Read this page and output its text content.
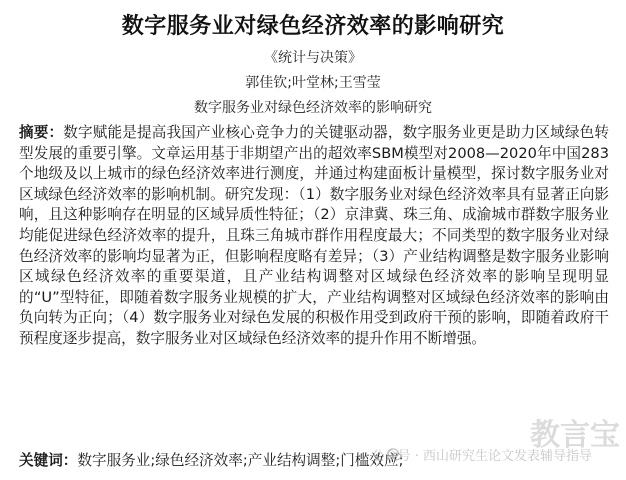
数字服务业对绿色经济效率的影响研究
《统计与决策》
郭佳钦;叶堂林;王雪莹
数字服务业对绿色经济效率的影响研究
摘要：数字赋能是提高我国产业核心竞争力的关键驱动器，数字服务业更是助力区域绿色转型发展的重要引擎。文章运用基于非期望产出的超效率SBM模型对2008—2020年中国283个地级及以上城市的绿色经济效率进行测度，并通过构建面板计量模型，探讨数字服务业对区域绿色经济效率的影响机制。研究发现：（1）数字服务业对绿色经济效率具有显著正向影响，且这种影响存在明显的区域异质性特征；（2）京津冀、珠三角、成渝城市群数字服务业均能促进绿色经济效率的提升，且珠三角城市群作用程度最大；不同类型的数字服务业对绿色经济效率的影响均显著为正，但影响程度略有差异；（3）产业结构调整是数字服务业影响区域绿色经济效率的重要渠道，且产业结构调整对区域绿色经济效率的影响呈现明显的“U”型特征，即随着数字服务业规模的扩大，产业结构调整对区域绿色经济效率的影响由负向转为正向；（4）数字服务业对绿色发展的积极作用受到政府干预的影响，即随着政府干预程度逐步提高，数字服务业对区域绿色经济效率的提升作用不断增强。
关键词：数字服务业;绿色经济效率;产业结构调整;门槛效应;
教言宝
公众号 · 西山研究生论文发表辅导指导
